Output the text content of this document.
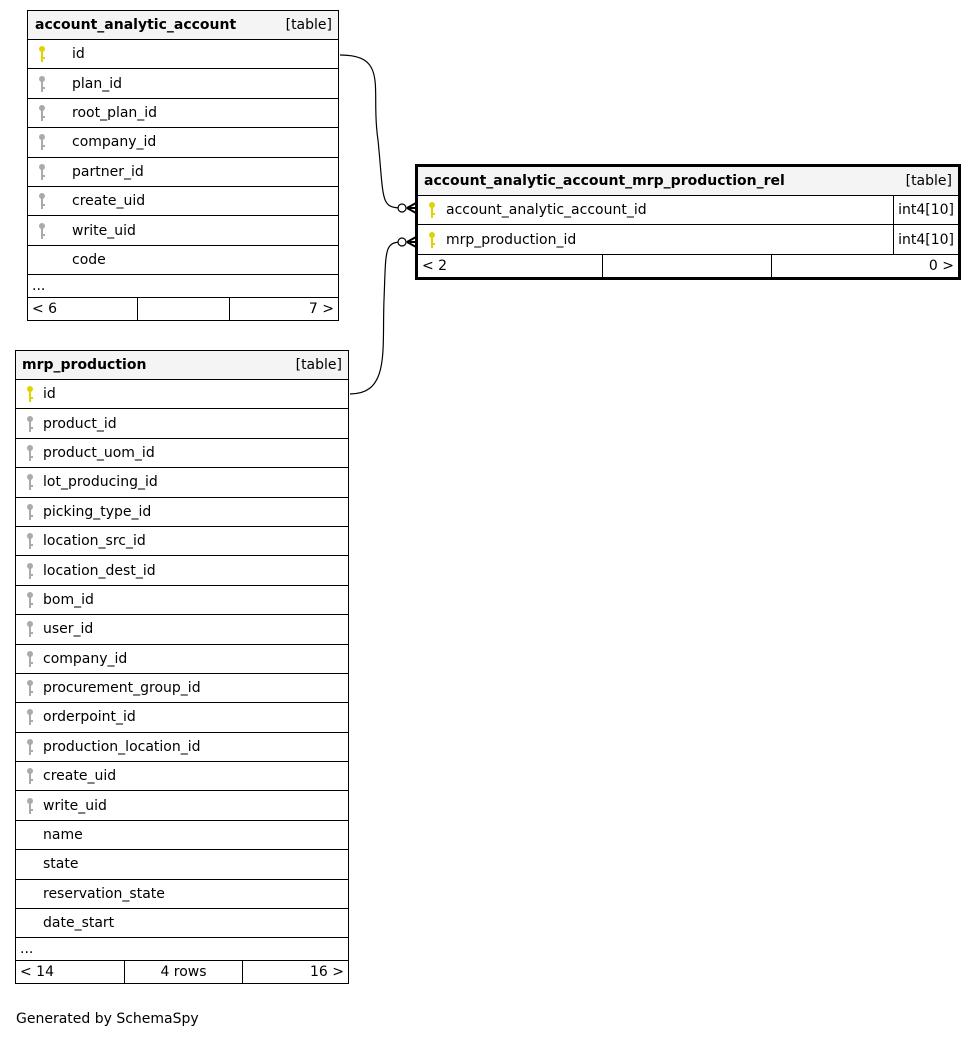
account_analytic_account	[table]
id
plan_id
root_plan_id
company_id
partner_id
create_uid
write_uid
code
...
< 6	7 >
account_analytic_account_mrp_production_rel	[table]
account_analytic_account_id	int4[10]
mrp_production_id	int4[10]
< 2	0 >
mrp_production	[table]
id
product_id
product_uom_id
lot_producing_id
picking_type_id
location_src_id
location_dest_id
bom_id
user_id
company_id
procurement_group_id
orderpoint_id
production_location_id
create_uid
write_uid
name
state
reservation_state
date_start
...
< 14	4 rows	16 >
Generated by SchemaSpy
